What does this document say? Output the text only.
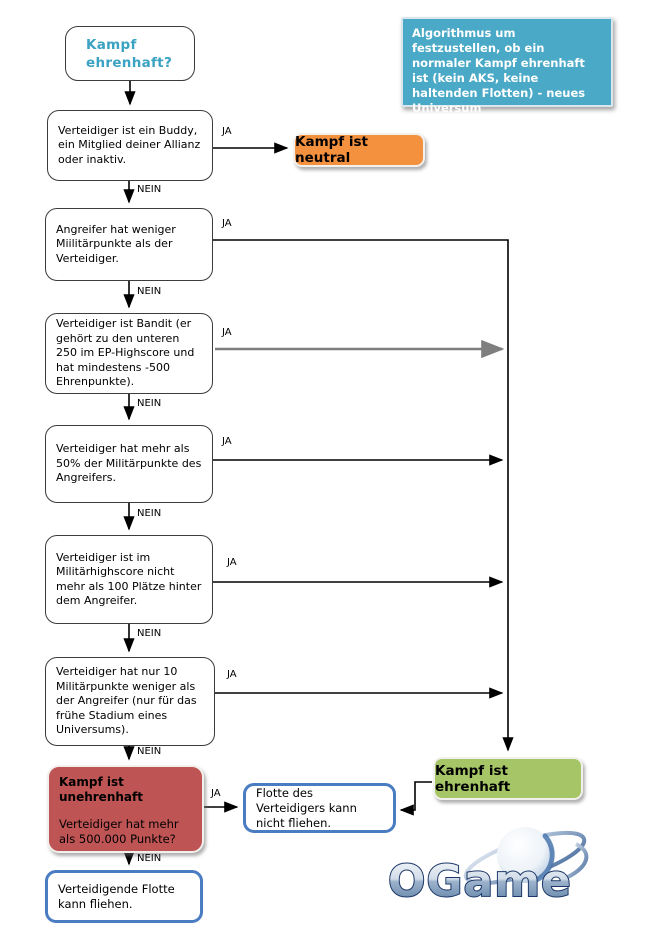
Kampf ehrenhaft?
Algorithmus um festzustellen, ob ein normaler Kampf ehrenhaft ist (kein AKS, keine haltenden Flotten) - neues Universum
Verteidiger ist ein Buddy, ein Mitglied deiner Allianz oder inaktiv.
Angreifer hat weniger Miilitärpunkte als der Verteidiger.
Verteidiger ist Bandit (er gehört zu den unteren 250 im EP-Highscore und hat mindestens -500 Ehrenpunkte).
Verteidiger hat mehr als 50% der Militärpunkte des Angreifers.
Verteidiger ist im Militärhighscore nicht mehr als 100 Plätze hinter dem Angreifer.
Verteidiger hat nur 10 Militärpunkte weniger als der Angreifer (nur für das frühe Stadium eines Universums).
Kampf ist neutral
Kampf ist ehrenhaft
Kampf ist unehrenhaft
Verteidiger hat mehr als 500.000 Punkte?
Flotte des Verteidigers kann nicht fliehen.
Verteidigende Flotte kann fliehen.
JA
JA
JA
JA
JA
JA
JA
NEIN
NEIN
NEIN
NEIN
NEIN
NEIN
NEIN	OGame
